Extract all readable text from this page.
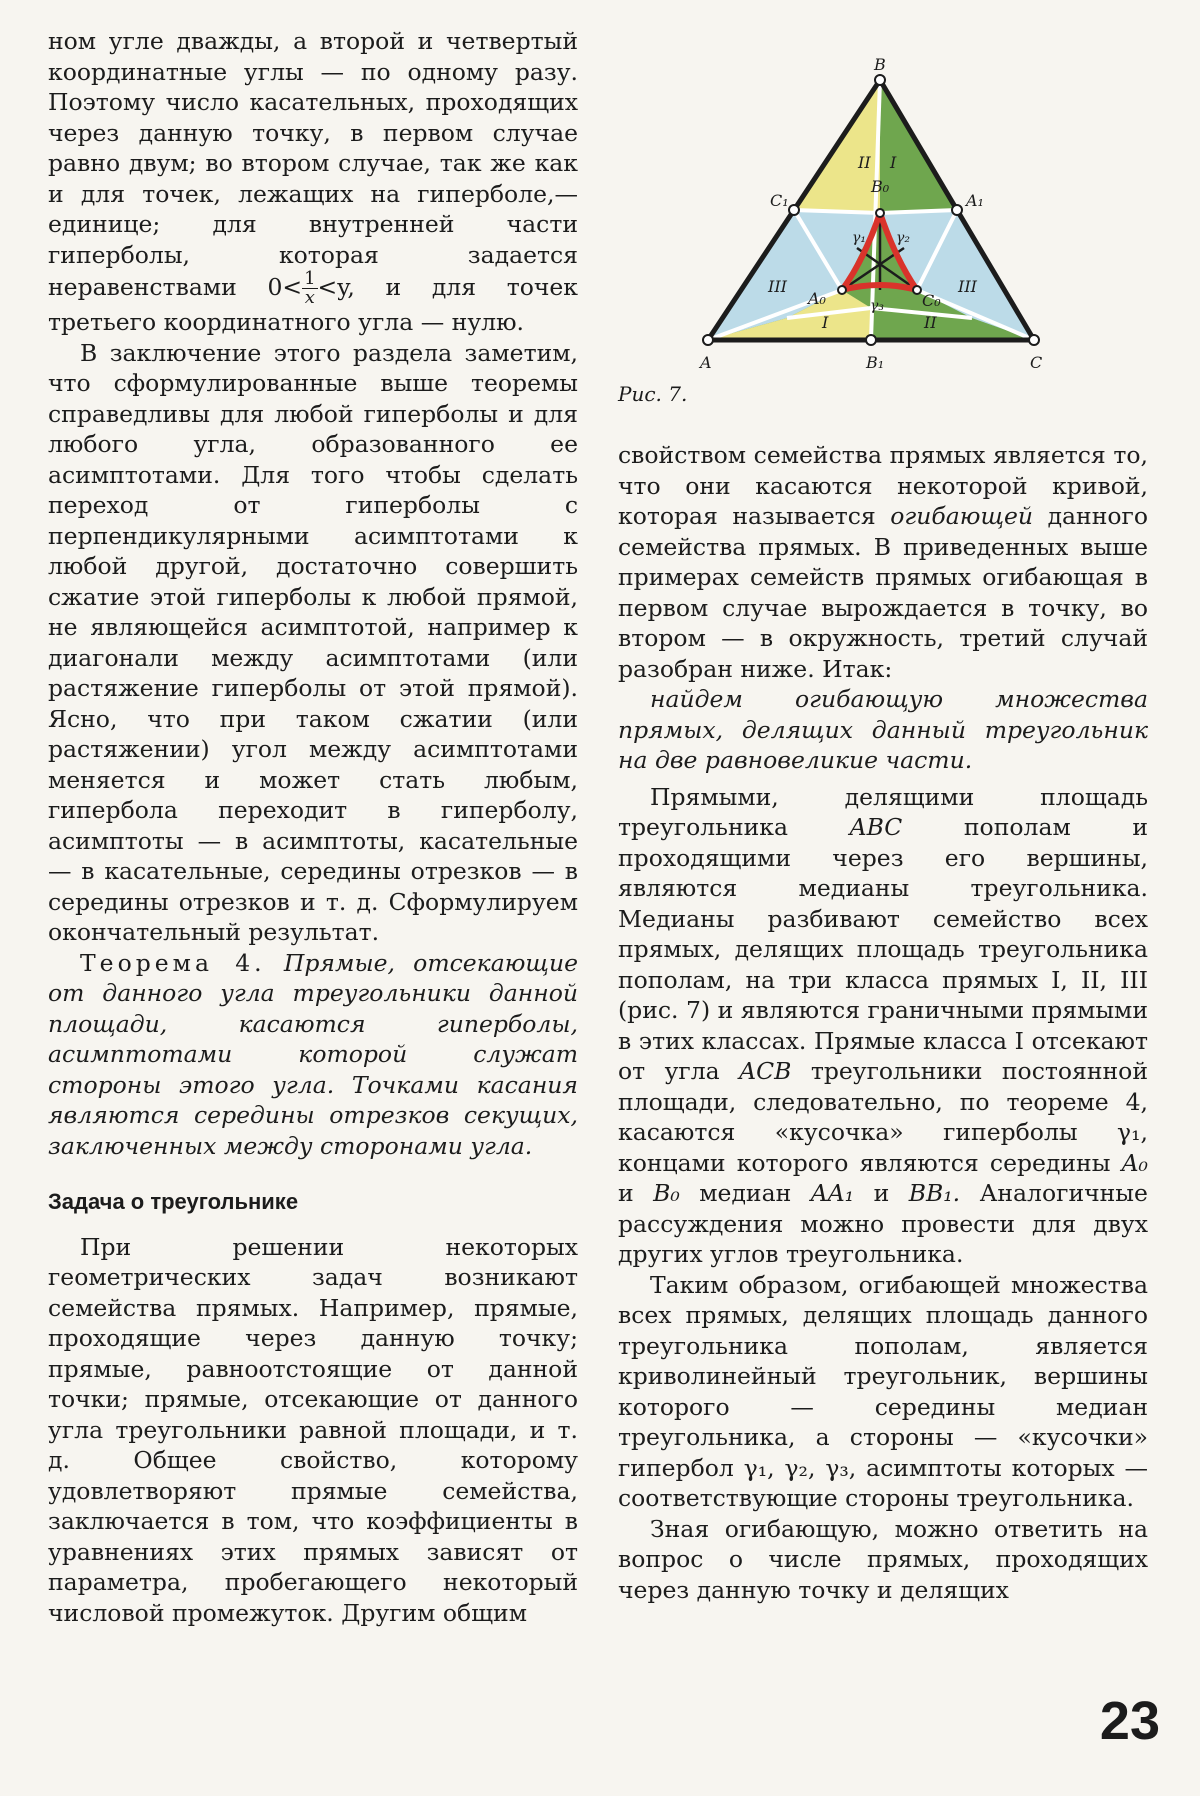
ном угле дважды, а второй и четвертый координатные углы — по одному разу. Поэтому число касательных, проходящих через данную точку, в первом случае равно двум; во втором случае, так же как и для точек, лежащих на гиперболе,— единице; для внутренней части гиперболы, которая задается неравенствами $0< \frac{1}{x} <y$, и для точек третьего координатного угла — нулю.

В заключение этого раздела заметим, что сформулированные выше теоремы справедливы для любой гиперболы и для любого угла, образованного ее асимптотами. Для того чтобы сделать переход от гиперболы с перпендикулярными асимптотами к любой другой, достаточно совершить сжатие этой гиперболы к любой прямой, не являющейся асимптотой, например к диагонали между асимптотами (или растяжение гиперболы от этой прямой). Ясно, что при таком сжатии (или растяжении) угол между асимптотами меняется и может стать любым, гипербола переходит в гиперболу, асимптоты — в асимптоты, касательные — в касательные, середины отрезков — в середины отрезков и т. д. Сформулируем окончательный результат.

Теорема 4. Прямые, отсекающие от данного угла треугольники данной площади, касаются гиперболы, асимптотами которой служат стороны этого угла. Точками касания являются середины отрезков секущих, заключенных между сторонами угла.

Задача о треугольнике

При решении некоторых геометрических задач возникают семейства прямых. Например, прямые, проходящие через данную точку; прямые, равноотстоящие от данной точки; прямые, отсекающие от данного угла треугольники равной площади, и т. д. Общее свойство, которому удовлетворяют прямые семейства, заключается в том, что коэффициенты в уравнениях этих прямых зависят от параметра, пробегающего некоторый числовой промежуток. Другим общим

B
A	C
C₁	A₁
B₁
B₀
A₀	C₀
γ₁ γ₂
γ₃
II I
III	III
I	II
Рис. 7.

свойством семейства прямых является то, что они касаются некоторой кривой, которая называется огибающей данного семейства прямых. В приведенных выше примерах семейств прямых огибающая в первом случае вырождается в точку, во втором — в окружность, третий случай разобран ниже. Итак:

найдем огибающую множества прямых, делящих данный треугольник на две равновеликие части.

Прямыми, делящими площадь треугольника	ABC	пополам и проходящими через его вершины, являются медианы треугольника. Медианы разбивают семейство всех прямых, делящих площадь треугольника пополам, на три класса прямых I, II, III (рис. 7) и являются граничными прямыми в этих классах. Прямые класса I отсекают от угла ACB треугольники постоянной площади, следовательно, по теореме 4, касаются «кусочка» гиперболы γ₁, концами которого являются середины A₀ и B₀ медиан AA₁ и BB₁. Аналогичные рассуждения можно провести для двух других углов треугольника.

Таким образом, огибающей множества всех прямых, делящих площадь данного треугольника пополам, является криволинейный треугольник, вершины которого — середины медиан треугольника, а стороны — «кусочки» гипербол γ₁, γ₂, γ₃, асимптоты которых — соответствующие стороны треугольника.

Зная огибающую, можно ответить на вопрос о числе прямых, проходящих через данную точку и делящих

23
